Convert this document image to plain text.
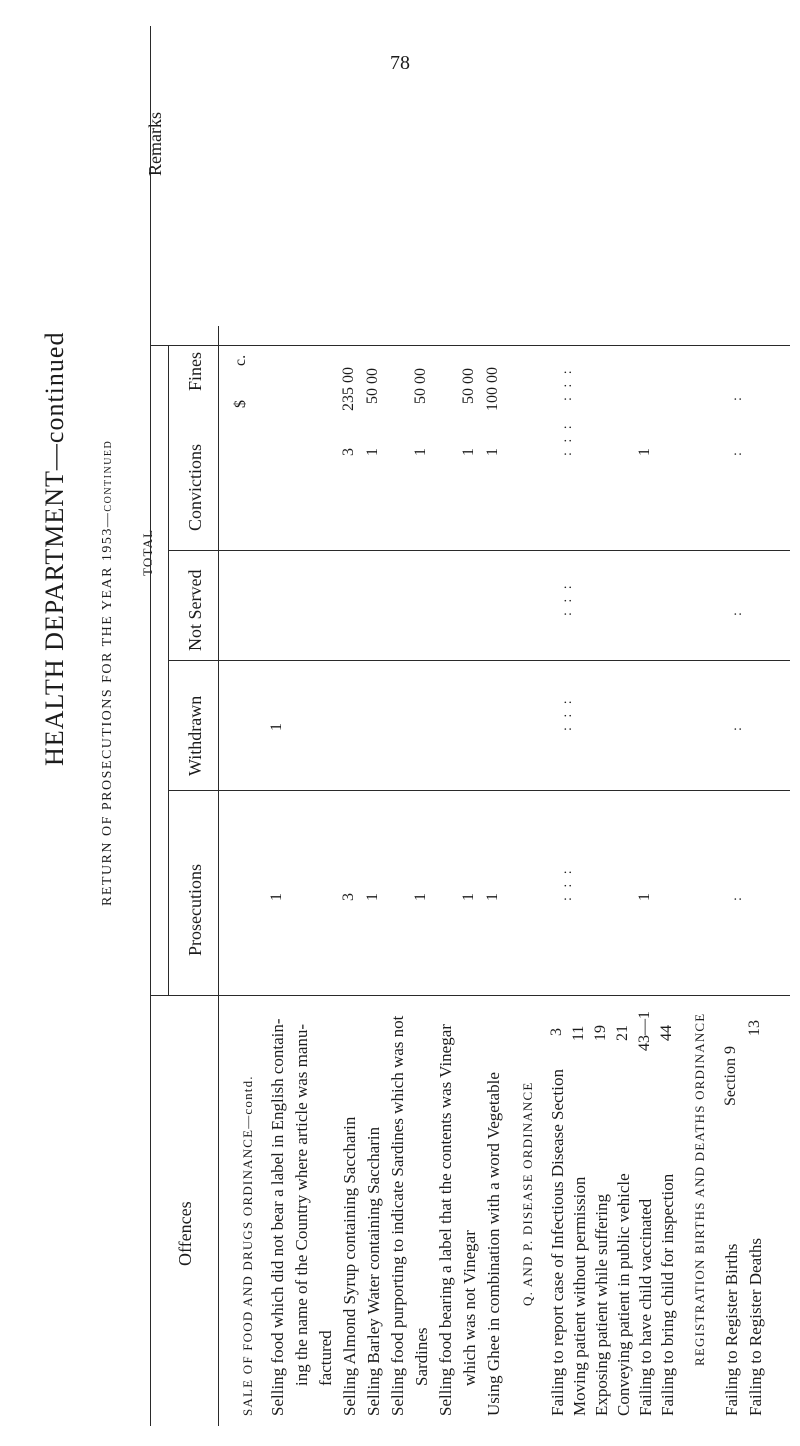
78
HEALTH DEPARTMENT—continued RETURN OF PROSECUTIONS FOR THE YEAR 1953—continued TOTAL
Offences
Prosecutions
Withdrawn
Not Served
Convictions
Fines
$
c.
Remarks
SALE OF FOOD AND DRUGS ORDINANCE—contd. Selling food which did not bear a label in English contain- ing the name of the Country where article was manu- factured
1
1
Selling Almond Syrup containing Saccharin
3
3
235 00
Selling Barley Water containing Saccharin
1
1
50 00
Selling food purporting to indicate Sardines which was not Sardines
1
1
50 00
Selling food bearing a label that the contents was Vinegar which was not Vinegar
1
1
50 00
Using Ghee in combination with a word Vegetable
1
1
100 00
Q. AND P. DISEASE ORDINANCE Failing to report case of Infectious Disease Section
3
Moving patient without permission
11
Exposing patient while suffering
19
Conveying patient in public vehicle
21
Failing to have child vaccinated
43—1
1
1
Failing to bring child for inspection
44 REGISTRATION BIRTHS AND DEATHS ORDINANCE Failing to Register Births
Section 9
Failing to Register Deaths
13
: : :
: : :
: : :
: : :
: : :
:
:
:
:
:
